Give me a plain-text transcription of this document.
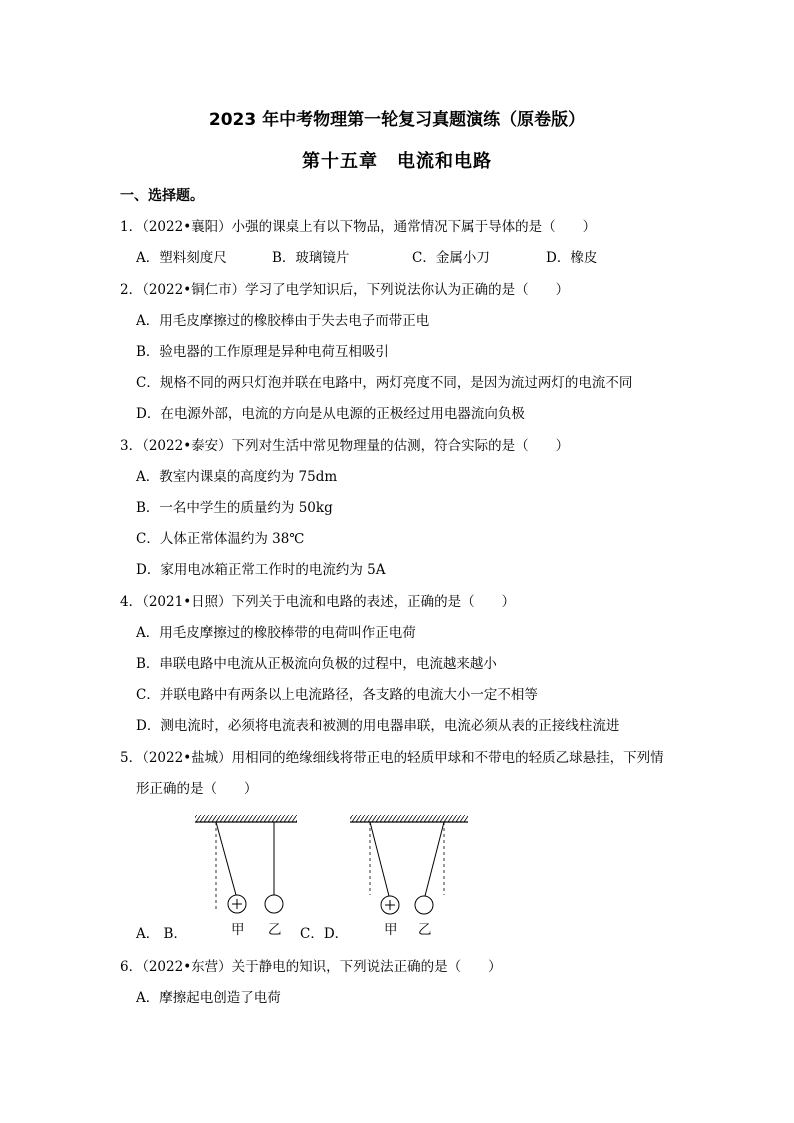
2023 年中考物理第一轮复习真题演练（原卷版）
第十五章　电流和电路
一、选择题。
1．（2022•襄阳）小强的课桌上有以下物品，通常情况下属于导体的是（　　）
A．塑料刻度尺	B．玻璃镜片	C．金属小刀	D．橡皮
2．（2022•铜仁市）学习了电学知识后，下列说法你认为正确的是（　　）
A．用毛皮摩擦过的橡胶棒由于失去电子而带正电
B．验电器的工作原理是异种电荷互相吸引
C．规格不同的两只灯泡并联在电路中，两灯亮度不同，是因为流过两灯的电流不同
D．在电源外部，电流的方向是从电源的正极经过用电器流向负极
3．（2022•泰安）下列对生活中常见物理量的估测，符合实际的是（　　）
A．教室内课桌的高度约为 75dm
B．一名中学生的质量约为 50kg
C．人体正常体温约为 38℃
D．家用电冰箱正常工作时的电流约为 5A
4．（2021•日照）下列关于电流和电路的表述，正确的是（　　）
A．用毛皮摩擦过的橡胶棒带的电荷叫作正电荷
B．串联电路中电流从正极流向负极的过程中，电流越来越小
C．并联电路中有两条以上电流路径，各支路的电流大小一定不相等
D．测电流时，必须将电流表和被测的用电器串联，电流必须从表的正接线柱流进
5．（2022•盐城）用相同的绝缘细线将带正电的轻质甲球和不带电的轻质乙球悬挂，下列情
形正确的是（　　）
甲 乙	甲 乙
A． B．	C．D．
6．（2022•东营）关于静电的知识，下列说法正确的是（　　）
A．摩擦起电创造了电荷
